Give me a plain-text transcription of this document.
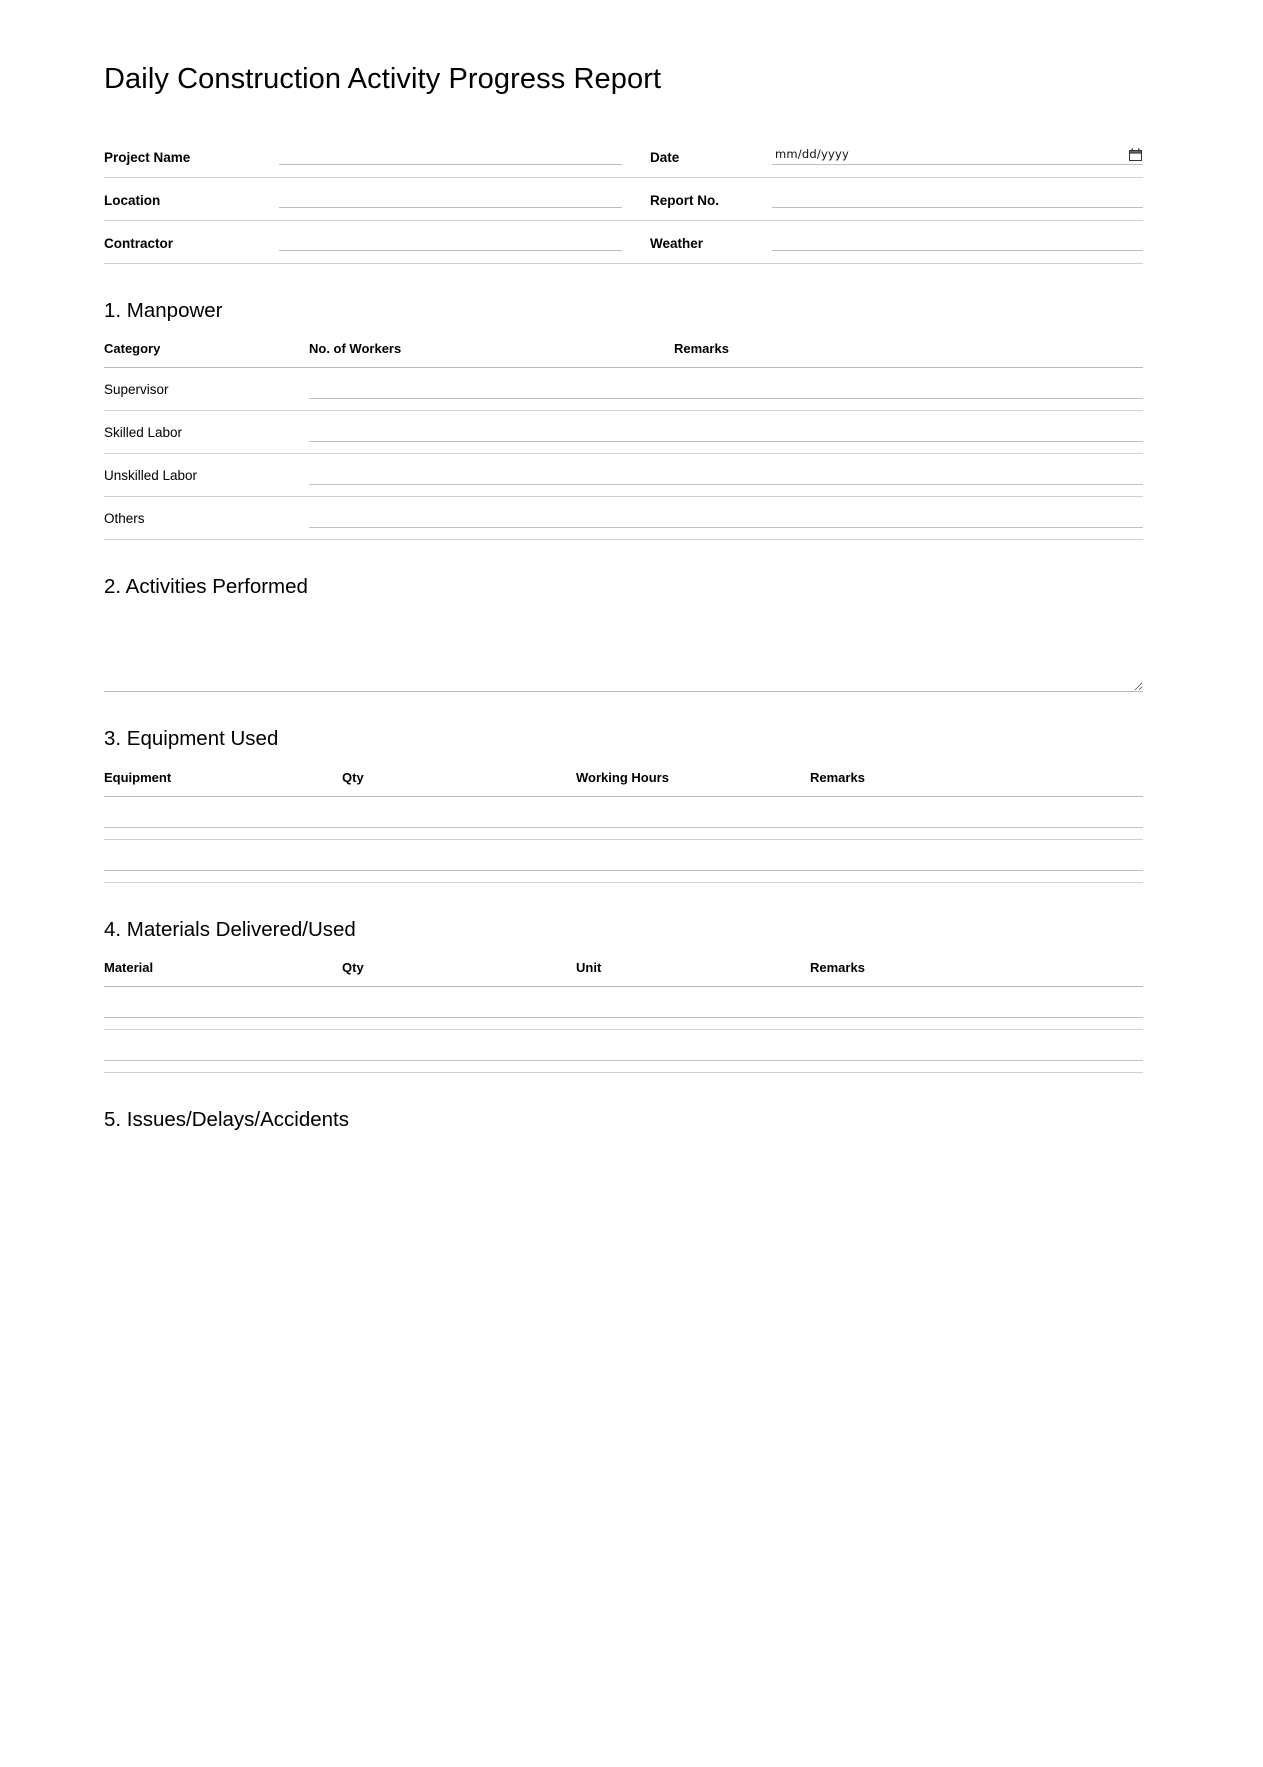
Daily Construction Activity Progress Report
Project Name		Date	mm/dd/yyyy

Location		Report No.	

Contractor		Weather	
1. Manpower
Category	No. of Workers	Remarks
Supervisor	

Skilled Labor	

Unskilled Labor	

Others	

2. Activities Performed
3. Equipment Used
Equipment	Qty	Working Hours	Remarks

4. Materials Delivered/Used
Material	Qty	Unit	Remarks

5. Issues/Delays/Accidents
